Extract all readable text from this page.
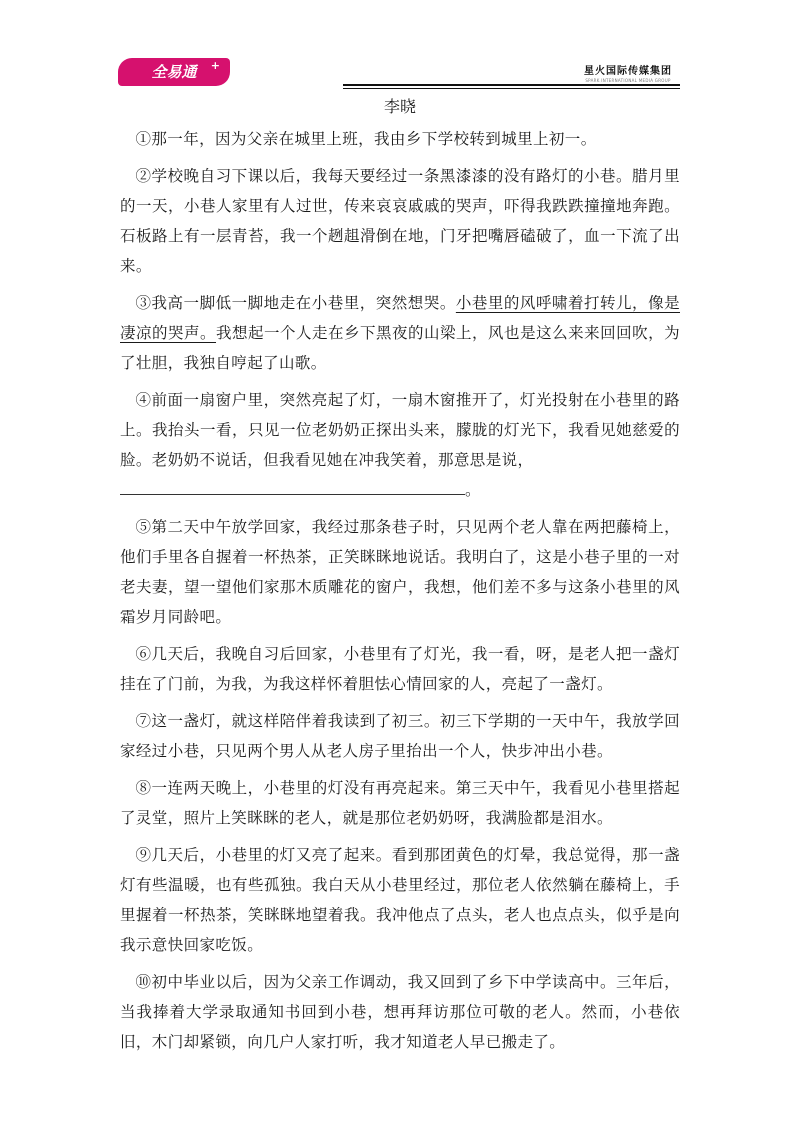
全易通 +	星火国际传媒集团
SPARK INTERNATIONAL MEDIA GROUP

李晓

①那一年，因为父亲在城里上班，我由乡下学校转到城里上初一。

②学校晚自习下课以后，我每天要经过一条黑漆漆的没有路灯的小巷。腊月里的一天，小巷人家里有人过世，传来哀哀戚戚的哭声，吓得我跌跌撞撞地奔跑。石板路上有一层青苔，我一个趔趄滑倒在地，门牙把嘴唇磕破了，血一下流了出来。

③我高一脚低一脚地走在小巷里，突然想哭。小巷里的风呼啸着打转儿，像是凄凉的哭声。我想起一个人走在乡下黑夜的山梁上，风也是这么来来回回吹，为了壮胆，我独自哼起了山歌。

④前面一扇窗户里，突然亮起了灯，一扇木窗推开了，灯光投射在小巷里的路上。我抬头一看，只见一位老奶奶正探出头来，朦胧的灯光下，我看见她慈爱的脸。老奶奶不说话，但我看见她在冲我笑着，那意思是说，

。

⑤第二天中午放学回家，我经过那条巷子时，只见两个老人靠在两把藤椅上，他们手里各自握着一杯热茶，正笑眯眯地说话。我明白了，这是小巷子里的一对老夫妻，望一望他们家那木质雕花的窗户，我想，他们差不多与这条小巷里的风霜岁月同龄吧。

⑥几天后，我晚自习后回家，小巷里有了灯光，我一看，呀，是老人把一盏灯挂在了门前，为我，为我这样怀着胆怯心情回家的人，亮起了一盏灯。

⑦这一盏灯，就这样陪伴着我读到了初三。初三下学期的一天中午，我放学回家经过小巷，只见两个男人从老人房子里抬出一个人，快步冲出小巷。

⑧一连两天晚上，小巷里的灯没有再亮起来。第三天中午，我看见小巷里搭起了灵堂，照片上笑眯眯的老人，就是那位老奶奶呀，我满脸都是泪水。

⑨几天后，小巷里的灯又亮了起来。看到那团黄色的灯晕，我总觉得，那一盏灯有些温暖，也有些孤独。我白天从小巷里经过，那位老人依然躺在藤椅上，手里握着一杯热茶，笑眯眯地望着我。我冲他点了点头，老人也点点头，似乎是向我示意快回家吃饭。

⑩初中毕业以后，因为父亲工作调动，我又回到了乡下中学读高中。三年后，当我捧着大学录取通知书回到小巷，想再拜访那位可敬的老人。然而，小巷依旧，木门却紧锁，向几户人家打听，我才知道老人早已搬走了。
